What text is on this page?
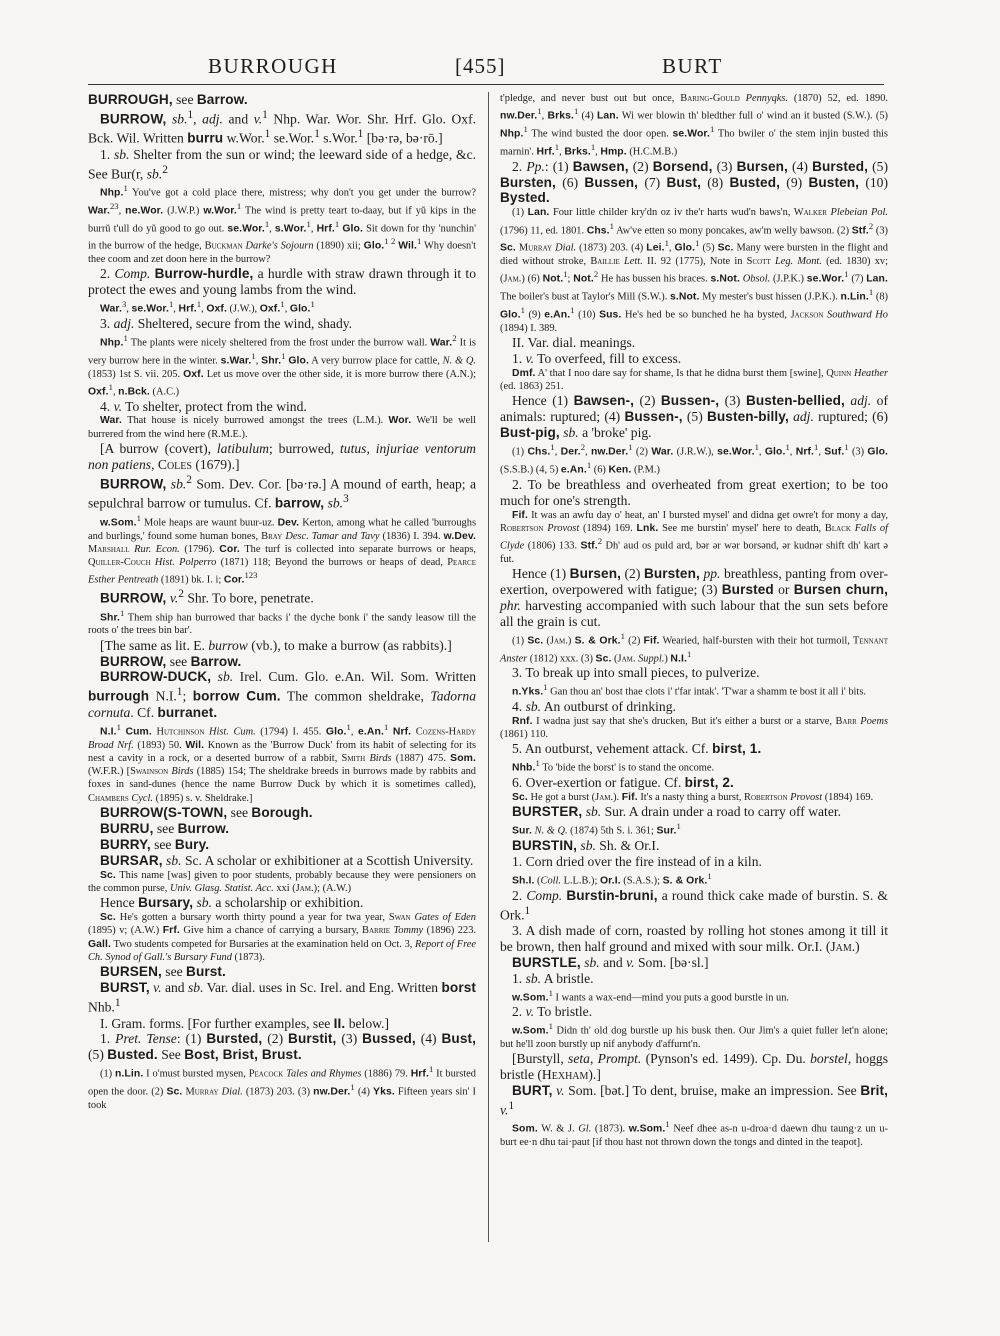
BURROUGH	[455]	BURT

BURROUGH, see Barrow.

BURROW, sb.$^1$, adj. and v.$^1$ Nhp. War. Wor. Shr. Hrf. Glo. Oxf. Bck. Wil. Written burru w.Wor.$^1$ se.Wor.$^1$ s.Wor.$^1$ [bə·rə, bə·rō.]

1. sb. Shelter from the sun or wind; the leeward side of a hedge, &c. See Bur(r, sb.$^2$

Nhp.$^1$ You've got a cold place there, mistress; why don't you get under the burrow? War.$^{23}$, ne.Wor. (J.W.P.) w.Wor.$^1$ The wind is pretty teart to-daay, but if yŭ kips in the burrŭ t'ull do yŭ good to go out. se.Wor.$^1$, s.Wor.$^1$, Hrf.$^1$ Glo. Sit down for thy 'nunchin' in the burrow of the hedge, Buckman Darke's Sojourn (1890) xii; Glo.$^{1 2}$ Wil.$^1$ Why doesn't thee coom and zet doon here in the burrow?

2. Comp. Burrow-hurdle, a hurdle with straw drawn through it to protect the ewes and young lambs from the wind.

War.$^3$, se.Wor.$^1$, Hrf.$^1$, Oxf. (J.W.), Oxf.$^1$, Glo.$^1$

3. adj. Sheltered, secure from the wind, shady.

Nhp.$^1$ The plants were nicely sheltered from the frost under the burrow wall. War.$^2$ It is very burrow here in the winter. s.War.$^1$, Shr.$^1$ Glo. A very burrow place for cattle, N. & Q. (1853) 1st S. vii. 205. Oxf. Let us move over the other side, it is more burrow there (A.N.); Oxf.$^1$, n.Bck. (A.C.)

4. v. To shelter, protect from the wind.

War. That house is nicely burrowed amongst the trees (L.M.). Wor. We'll be well burrered from the wind here (R.M.E.).

[A burrow (covert), latibulum; burrowed, tutus, injuriae ventorum non patiens, Coles (1679).]

BURROW, sb.$^2$ Som. Dev. Cor. [bə·rə.] A mound of earth, heap; a sepulchral barrow or tumulus. Cf. barrow, sb.$^3$

w.Som.$^1$ Mole heaps are waunt buur-uz. Dev. Kerton, among what he called 'burroughs and burlings,' found some human bones, Bray Desc. Tamar and Tavy (1836) I. 394. w.Dev. Marshall Rur. Econ. (1796). Cor. The turf is collected into separate burrows or heaps, Quiller-Couch Hist. Polperro (1871) 118; Beyond the burrows or heaps of dead, Pearce Esther Pentreath (1891) bk. I. i; Cor.$^{123}$

BURROW, v.$^2$ Shr. To bore, penetrate.

Shr.$^1$ Them ship han burrowed thar backs i' the dyche bonk i' the sandy leasow till the roots o' the trees bin bar'.

[The same as lit. E. burrow (vb.), to make a burrow (as rabbits).]

BURROW, see Barrow.

BURROW-DUCK, sb. Irel. Cum. Glo. e.An. Wil. Som. Written burrough N.I.$^1$; borrow Cum. The common sheldrake, Tadorna cornuta. Cf. burranet.

N.I.$^1$ Cum. Hutchinson Hist. Cum. (1794) I. 455. Glo.$^1$, e.An.$^1$ Nrf. Cozens-Hardy Broad Nrf. (1893) 50. Wil. Known as the 'Burrow Duck' from its habit of selecting for its nest a cavity in a rock, or a deserted burrow of a rabbit, Smith Birds (1887) 475. Som. (W.F.R.) [Swainson Birds (1885) 154; The sheldrake breeds in burrows made by rabbits and foxes in sand-dunes (hence the name Burrow Duck by which it is sometimes called), Chambers Cycl. (1895) s. v. Sheldrake.]

BURROW(S-TOWN, see Borough.

BURRU, see Burrow.

BURRY, see Bury.

BURSAR, sb. Sc. A scholar or exhibitioner at a Scottish University.

Sc. This name [was] given to poor students, probably because they were pensioners on the common purse, Univ. Glasg. Statist. Acc. xxi (Jam.); (A.W.)

Hence Bursary, sb. a scholarship or exhibition.

Sc. He's gotten a bursary worth thirty pound a year for twa year, Swan Gates of Eden (1895) v; (A.W.) Frf. Give him a chance of carrying a bursary, Barrie Tommy (1896) 223. Gall. Two students competed for Bursaries at the examination held on Oct. 3, Report of Free Ch. Synod of Gall.'s Bursary Fund (1873).

BURSEN, see Burst.

BURST, v. and sb. Var. dial. uses in Sc. Irel. and Eng. Written borst Nhb.$^1$

I. Gram. forms. [For further examples, see II. below.]

1. Pret. Tense: (1) Bursted, (2) Burstit, (3) Bussed, (4) Bust, (5) Busted. See Bost, Brist, Brust.

(1) n.Lin. I o'must bursted mysen, Peacock Tales and Rhymes (1886) 79. Hrf.$^1$ It bursted open the door. (2) Sc. Murray Dial. (1873) 203. (3) nw.Der.$^1$ (4) Yks. Fifteen years sin' I took

t'pledge, and never bust out but once, Baring-Gould Pennyqks. (1870) 52, ed. 1890. nw.Der.$^1$, Brks.$^1$ (4) Lan. Wi wer blowin th' bledther full o' wind an it busted (S.W.). (5) Nhp.$^1$ The wind busted the door open. se.Wor.$^1$ Tho bwiler o' the stem injin busted this marnin'. Hrf.$^1$, Brks.$^1$, Hmp. (H.C.M.B.)

2. Pp.: (1) Bawsen, (2) Borsend, (3) Bursen, (4) Bursted, (5) Bursten, (6) Bussen, (7) Bust, (8) Busted, (9) Busten, (10) Bysted.

(1) Lan. Four little childer kry'dn oz iv the'r harts wud'n baws'n, Walker Plebeian Pol. (1796) 11, ed. 1801. Chs.$^1$ Aw've etten so mony poncakes, aw'm welly bawson. (2) Stf.$^2$ (3) Sc. Murray Dial. (1873) 203. (4) Lei.$^1$, Glo.$^1$ (5) Sc. Many were bursten in the flight and died without stroke, Baillie Lett. II. 92 (1775), Note in Scott Leg. Mont. (ed. 1830) xv; (Jam.) (6) Not.$^1$; Not.$^2$ He has bussen his braces. s.Not. Obsol. (J.P.K.) se.Wor.$^1$ (7) Lan. The boiler's bust at Taylor's Mill (S.W.). s.Not. My mester's bust hissen (J.P.K.). n.Lin.$^1$ (8) Glo.$^1$ (9) e.An.$^1$ (10) Sus. He's hed be so bunched he ha bysted, Jackson Southward Ho (1894) I. 389.

II. Var. dial. meanings.

1. v. To overfeed, fill to excess.

Dmf. A' that I noo dare say for shame, Is that he didna burst them [swine], Quinn Heather (ed. 1863) 251.

Hence (1) Bawsen-, (2) Bussen-, (3) Busten-bellied, adj. of animals: ruptured; (4) Bussen-, (5) Busten-billy, adj. ruptured; (6) Bust-pig, sb. a 'broke' pig.

(1) Chs.$^1$, Der.$^2$, nw.Der.$^1$ (2) War. (J.R.W.), se.Wor.$^1$, Glo.$^1$, Nrf.$^1$, Suf.$^1$ (3) Glo. (S.S.B.) (4, 5) e.An.$^1$ (6) Ken. (P.M.)

2. To be breathless and overheated from great exertion; to be too much for one's strength.

Fif. It was an awfu day o' heat, an' I bursted mysel' and didna get owre't for mony a day, Robertson Provost (1894) 169. Lnk. See me burstin' mysel' here to death, Black Falls of Clyde (1806) 133. Stf.$^2$ Dh' aud os puld ard, bər ər wər borsənd, ər kudnər shift dh' kart ə fut.

Hence (1) Bursen, (2) Bursten, pp. breathless, panting from over-exertion, overpowered with fatigue; (3) Bursted or Bursen churn, phr. harvesting accompanied with such labour that the sun sets before all the grain is cut.

(1) Sc. (Jam.) S. & Ork.$^1$ (2) Fif. Wearied, half-bursten with their hot turmoil, Tennant Anster (1812) xxx. (3) Sc. (Jam. Suppl.) N.I.$^1$

3. To break up into small pieces, to pulverize.

n.Yks.$^1$ Gan thou an' bost thae clots i' t'far intak'. 'T'war a shamm te bost it all i' bits.

4. sb. An outburst of drinking.

Rnf. I wadna just say that she's drucken, But it's either a burst or a starve, Barr Poems (1861) 110.

5. An outburst, vehement attack. Cf. birst, 1.

Nhb.$^1$ To 'bide the borst' is to stand the oncome.

6. Over-exertion or fatigue. Cf. birst, 2.

Sc. He got a burst (Jam.). Fif. It's a nasty thing a burst, Robertson Provost (1894) 169.

BURSTER, sb. Sur. A drain under a road to carry off water.

Sur. N. & Q. (1874) 5th S. i. 361; Sur.$^1$

BURSTIN, sb. Sh. & Or.I.

1. Corn dried over the fire instead of in a kiln.

Sh.I. (Coll. L.L.B.); Or.I. (S.A.S.); S. & Ork.$^1$

2. Comp. Burstin-bruni, a round thick cake made of burstin. S. & Ork.$^1$

3. A dish made of corn, roasted by rolling hot stones among it till it be brown, then half ground and mixed with sour milk. Or.I. (Jam.)

BURSTLE, sb. and v. Som. [bə·sl.]

1. sb. A bristle.

w.Som.$^1$ I wants a wax-end—mind you puts a good burstle in un.

2. v. To bristle.

w.Som.$^1$ Didn th' old dog burstle up his busk then. Our Jim's a quiet fuller let'n alone; but he'll zoon burstly up nif anybody d'affurnt'n.

[Burstyll, seta, Prompt. (Pynson's ed. 1499). Cp. Du. borstel, hoggs bristle (Hexham).]

BURT, v. Som. [bət.] To dent, bruise, make an impression. See Brit, v.$^1$

Som. W. & J. Gl. (1873). w.Som.$^1$ Neef dhee as-n u-droa·d daewn dhu taung·z un u-burt ee·n dhu tai·paut [if thou hast not thrown down the tongs and dinted in the teapot].
